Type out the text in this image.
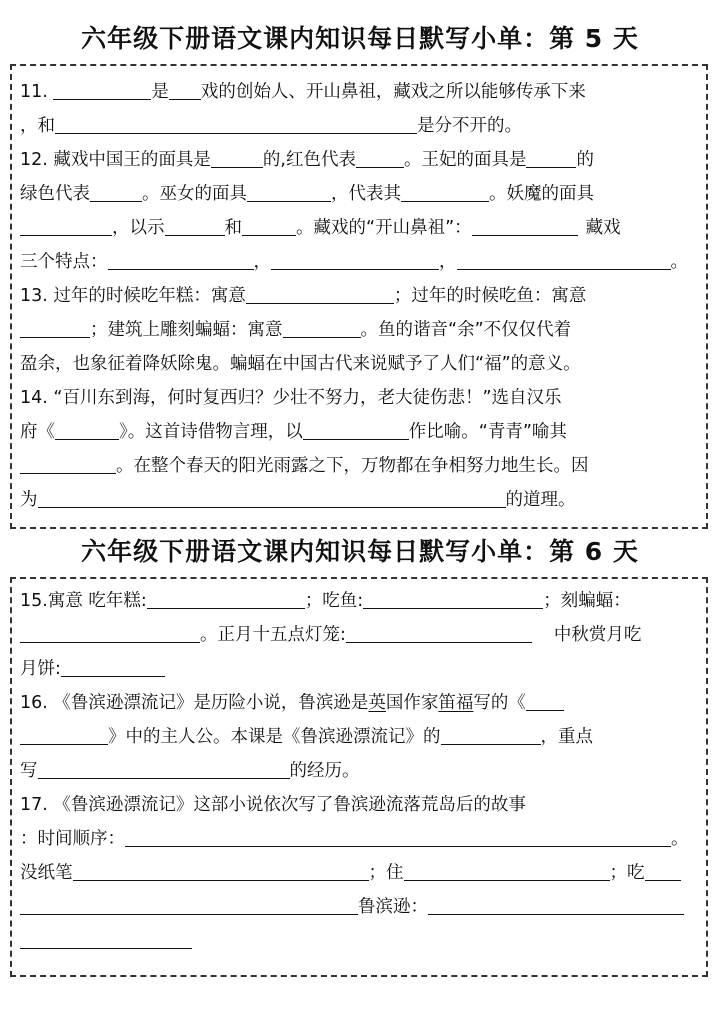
六年级下册语文课内知识每日默写小单：第 5 天
11.	是 戏的创始人、开山鼻祖，藏戏之所以能够传承下来
，和	是分不开的。
12. 藏戏中国王的面具是	的,红色代表	。王妃的面具是	的
绿色代表	。巫女的面具	，代表其	。妖魔的面具
，以示	和	。藏戏的“开山鼻祖”：	藏戏
三个特点：	，	，	。
13. 过年的时候吃年糕：寓意	；过年的时候吃鱼：寓意
；建筑上雕刻蝙蝠：寓意	。鱼的谐音“余”不仅仅代着
盈余，也象征着降妖除鬼。蝙蝠在中国古代来说赋予了人们“福”的意义。
14. “百川东到海，何时复西归？少壮不努力，老大徒伤悲！”选自汉乐
府《	》。这首诗借物言理，以	作比喻。“青青”喻其
。在整个春天的阳光雨露之下，万物都在争相努力地生长。因
为	的道理。
六年级下册语文课内知识每日默写小单：第 6 天
15.寓意 吃年糕:	；吃鱼:	；刻蝙蝠：
。正月十五点灯笼:	中秋赏月吃
月饼:
16. 《鲁滨逊漂流记》是历险小说，鲁滨逊是英国作家笛福写的《
》中的主人公。本课是《鲁滨逊漂流记》的	，重点
写	的经历。
17. 《鲁滨逊漂流记》这部小说依次写了鲁滨逊流落荒岛后的故事
：时间顺序：	。
没纸笔	；住	；吃
鲁滨逊：
